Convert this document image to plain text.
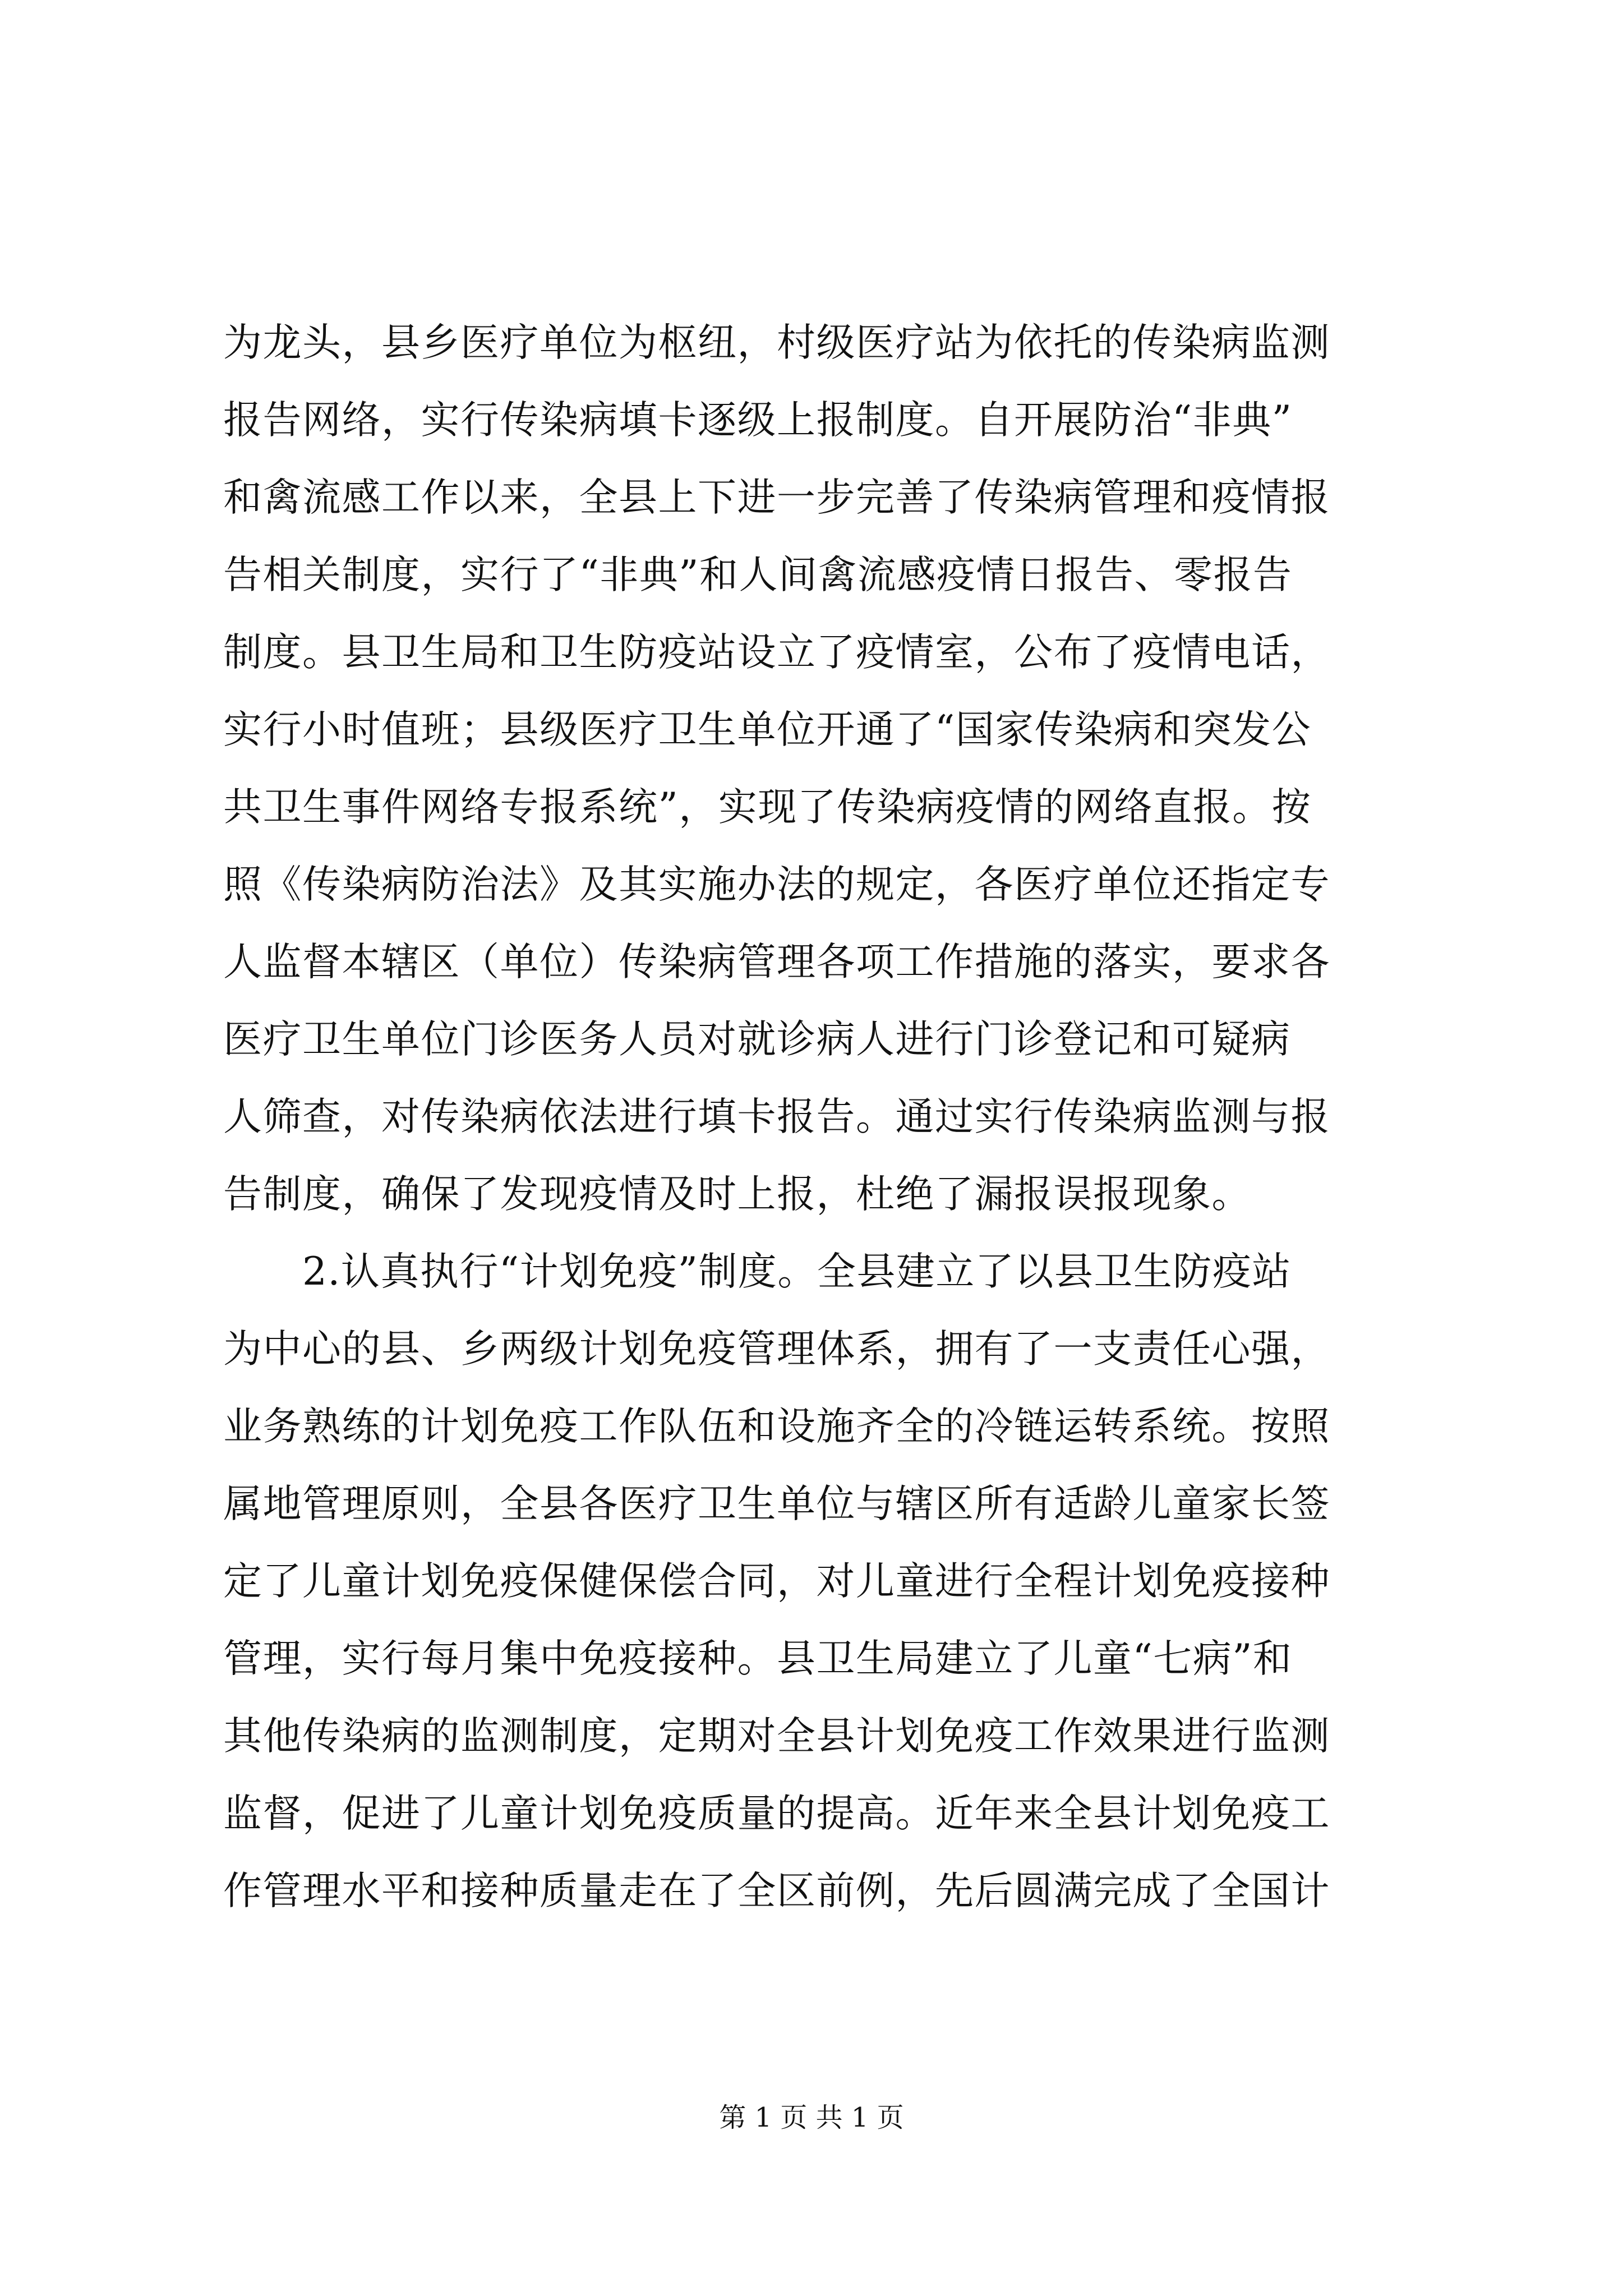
为龙头，县乡医疗单位为枢纽，村级医疗站为依托的传染病监测
报告网络，实行传染病填卡逐级上报制度。自开展防治“非典”
和禽流感工作以来，全县上下进一步完善了传染病管理和疫情报
告相关制度，实行了“非典”和人间禽流感疫情日报告、零报告
制度。县卫生局和卫生防疫站设立了疫情室，公布了疫情电话，
实行小时值班；县级医疗卫生单位开通了“国家传染病和突发公
共卫生事件网络专报系统”，实现了传染病疫情的网络直报。按
照《传染病防治法》及其实施办法的规定，各医疗单位还指定专
人监督本辖区（单位）传染病管理各项工作措施的落实，要求各
医疗卫生单位门诊医务人员对就诊病人进行门诊登记和可疑病
人筛查，对传染病依法进行填卡报告。通过实行传染病监测与报
告制度，确保了发现疫情及时上报，杜绝了漏报误报现象。
　　2.认真执行“计划免疫”制度。全县建立了以县卫生防疫站
为中心的县、乡两级计划免疫管理体系，拥有了一支责任心强，
业务熟练的计划免疫工作队伍和设施齐全的冷链运转系统。按照
属地管理原则，全县各医疗卫生单位与辖区所有适龄儿童家长签
定了儿童计划免疫保健保偿合同，对儿童进行全程计划免疫接种
管理，实行每月集中免疫接种。县卫生局建立了儿童“七病”和
其他传染病的监测制度，定期对全县计划免疫工作效果进行监测
监督，促进了儿童计划免疫质量的提高。近年来全县计划免疫工
作管理水平和接种质量走在了全区前例，先后圆满完成了全国计
第 1 页 共 1 页
